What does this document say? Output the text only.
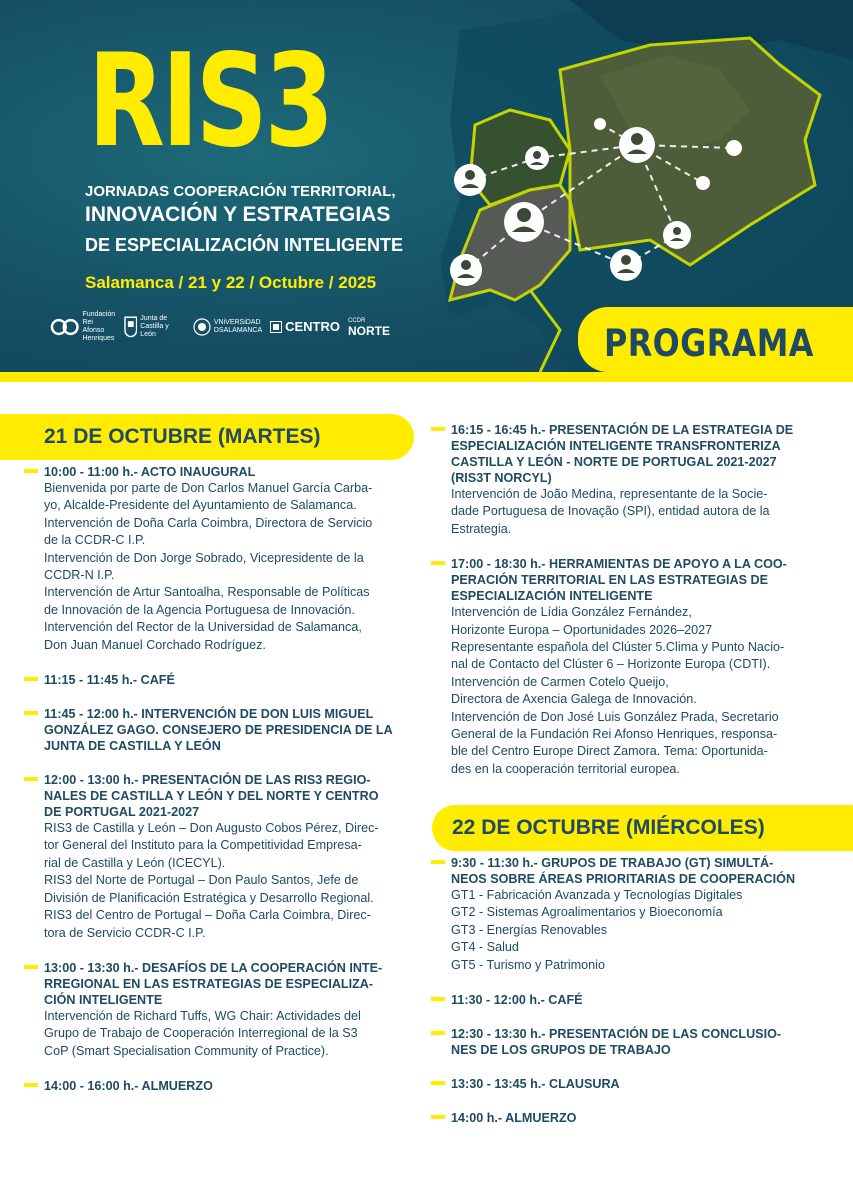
RIS3
JORNADAS COOPERACIÓN TERRITORIAL,
INNOVACIÓN Y ESTRATEGIAS
DE ESPECIALIZACIÓN INTELIGENTE
Salamanca / 21 y 22 / Octubre / 2025
Fundación
Rei Afonso
Henriques
Junta de
Castilla y León
VNiVERSiDAD
DSALAMANCA CENTRO CCDR
NORTE	PROGRAMA
21 DE OCTUBRE (MARTES)
22 DE OCTUBRE (MIÉRCOLES)
10:00 - 11:00 h.- ACTO INAUGURAL
Bienvenida por parte de Don Carlos Manuel García Carba-
yo, Alcalde-Presidente del Ayuntamiento de Salamanca.
Intervención de Doña Carla Coimbra, Directora de Servicio
de la CCDR-C I.P.
Intervención de Don Jorge Sobrado, Vicepresidente de la
CCDR-N I.P.
Intervención de Artur Santoalha, Responsable de Políticas
de Innovación de la Agencia Portuguesa de Innovación.
Intervención del Rector de la Universidad de Salamanca,
Don Juan Manuel Corchado Rodríguez.
11:15 - 11:45 h.- CAFÉ
11:45 - 12:00 h.- INTERVENCIÓN DE DON LUIS MIGUEL
GONZÁLEZ GAGO. CONSEJERO DE PRESIDENCIA DE LA
JUNTA DE CASTILLA Y LEÓN
12:00 - 13:00 h.- PRESENTACIÓN DE LAS RIS3 REGIO-
NALES DE CASTILLA Y LEÓN Y DEL NORTE Y CENTRO
DE PORTUGAL 2021-2027
RIS3 de Castilla y León – Don Augusto Cobos Pérez, Direc-
tor General del Instituto para la Competitividad Empresa-
rial de Castilla y León (ICECYL).
RIS3 del Norte de Portugal – Don Paulo Santos, Jefe de
División de Planificación Estratégica y Desarrollo Regional.
RIS3 del Centro de Portugal – Doña Carla Coimbra, Direc-
tora de Servicio CCDR-C I.P.
13:00 - 13:30 h.- DESAFÍOS DE LA COOPERACIÓN INTE-
RREGIONAL EN LAS ESTRATEGIAS DE ESPECIALIZA-
CIÓN INTELIGENTE
Intervención de Richard Tuffs, WG Chair: Actividades del
Grupo de Trabajo de Cooperación Interregional de la S3
CoP (Smart Specialisation Community of Practice).
14:00 - 16:00 h.- ALMUERZO
16:15 - 16:45 h.- PRESENTACIÓN DE LA ESTRATEGIA DE
ESPECIALIZACIÓN INTELIGENTE TRANSFRONTERIZA
CASTILLA Y LEÓN - NORTE DE PORTUGAL 2021-2027
(RIS3T NORCYL)
Intervención de João Medina, representante de la Socie-
dade Portuguesa de Inovação (SPI), entidad autora de la
Estrategia.
17:00 - 18:30 h.- HERRAMIENTAS DE APOYO A LA COO-
PERACIÓN TERRITORIAL EN LAS ESTRATEGIAS DE
ESPECIALIZACIÓN INTELIGENTE
Intervención de Lídia González Fernández,
Horizonte Europa – Oportunidades 2026–2027
Representante española del Clúster 5.Clima y Punto Nacio-
nal de Contacto del Clúster 6 – Horizonte Europa (CDTI).
Intervención de Carmen Cotelo Queijo,
Directora de Axencia Galega de Innovación.
Intervención de Don José Luis González Prada, Secretario
General de la Fundación Rei Afonso Henriques, responsa-
ble del Centro Europe Direct Zamora. Tema: Oportunida-
des en la cooperación territorial europea.
9:30 - 11:30 h.- GRUPOS DE TRABAJO (GT) SIMULTÁ-
NEOS SOBRE ÁREAS PRIORITARIAS DE COOPERACIÓN
GT1 - Fabricación Avanzada y Tecnologías Digitales
GT2 - Sistemas Agroalimentarios y Bioeconomía
GT3 - Energías Renovables
GT4 - Salud
GT5 - Turismo y Patrimonio
11:30 - 12:00 h.- CAFÉ
12:30 - 13:30 h.- PRESENTACIÓN DE LAS CONCLUSIO-
NES DE LOS GRUPOS DE TRABAJO
13:30 - 13:45 h.- CLAUSURA
14:00 h.- ALMUERZO
